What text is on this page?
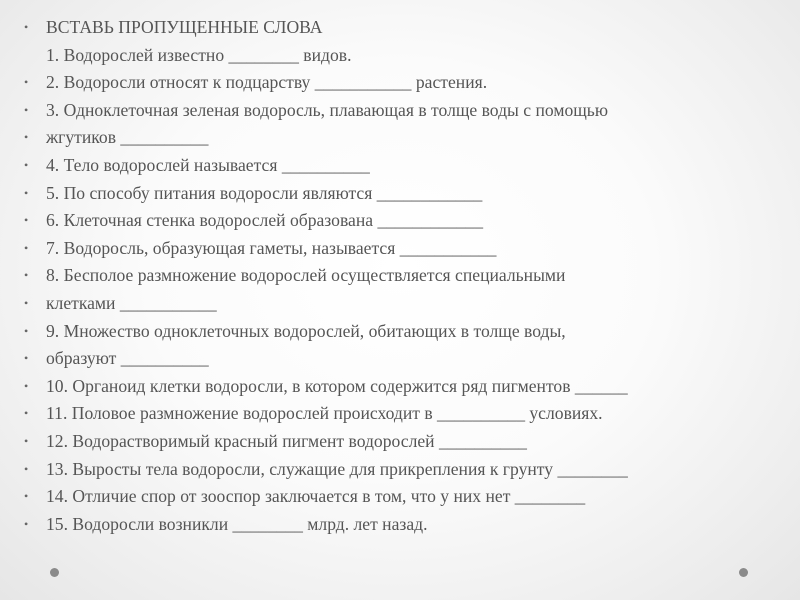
• ВСТАВЬ ПРОПУЩЕННЫЕ СЛОВА
1. Водорослей известно ________ видов.
• 2. Водоросли относят к подцарству ___________ растения.
• 3. Одноклеточная зеленая водоросль, плавающая в толще воды с помощью
• жгутиков __________
• 4. Тело водорослей называется __________
• 5. По способу питания водоросли являются ____________
• 6. Клеточная стенка водорослей образована ____________
• 7. Водоросль, образующая гаметы, называется ___________
• 8. Бесполое размножение водорослей осуществляется специальными
• клетками ___________
• 9. Множество одноклеточных водорослей, обитающих в толще воды,
• образуют __________
• 10. Органоид клетки водоросли, в котором содержится ряд пигментов ______
• 11. Половое размножение водорослей происходит в __________ условиях.
• 12. Водорастворимый красный пигмент водорослей __________
• 13. Выросты тела водоросли, служащие для прикрепления к грунту ________
• 14. Отличие спор от зооспор заключается в том, что у них нет ________
• 15. Водоросли возникли ________ млрд. лет назад.
